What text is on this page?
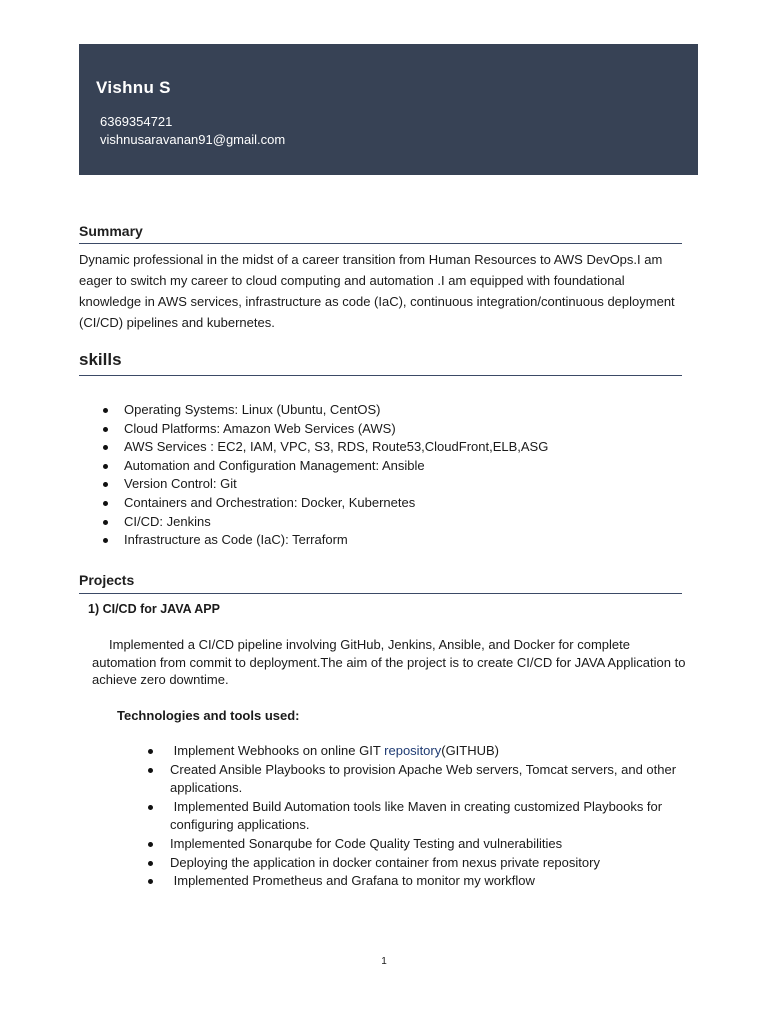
Vishnu S
6369354721
vishnusaravanan91@gmail.com
Summary

Dynamic professional in the midst of a career transition from Human Resources to AWS DevOps.I am eager to switch my career to cloud computing and automation .I am equipped with foundational knowledge in AWS services, infrastructure as code (IaC), continuous integration/continuous deployment (CI/CD) pipelines and kubernetes.

skills
Operating Systems: Linux (Ubuntu, CentOS)
Cloud Platforms: Amazon Web Services (AWS)
AWS Services : EC2, IAM, VPC, S3, RDS, Route53,CloudFront,ELB,ASG
Automation and Configuration Management: Ansible
Version Control: Git
Containers and Orchestration: Docker, Kubernetes
CI/CD: Jenkins
Infrastructure as Code (IaC): Terraform
Projects
1) CI/CD for JAVA APP

Implemented a CI/CD pipeline involving GitHub, Jenkins, Ansible, and Docker for complete automation from commit to deployment.The aim of the project is to create CI/CD for JAVA Application to achieve zero downtime.

Technologies and tools used:
Implement Webhooks on online GIT repository(GITHUB)
Created Ansible Playbooks to provision Apache Web servers, Tomcat servers, and other applications.
Implemented Build Automation tools like Maven in creating customized Playbooks for configuring applications.
Implemented Sonarqube for Code Quality Testing and vulnerabilities
Deploying the application in docker container from nexus private repository
Implemented Prometheus and Grafana to monitor my workflow
1
